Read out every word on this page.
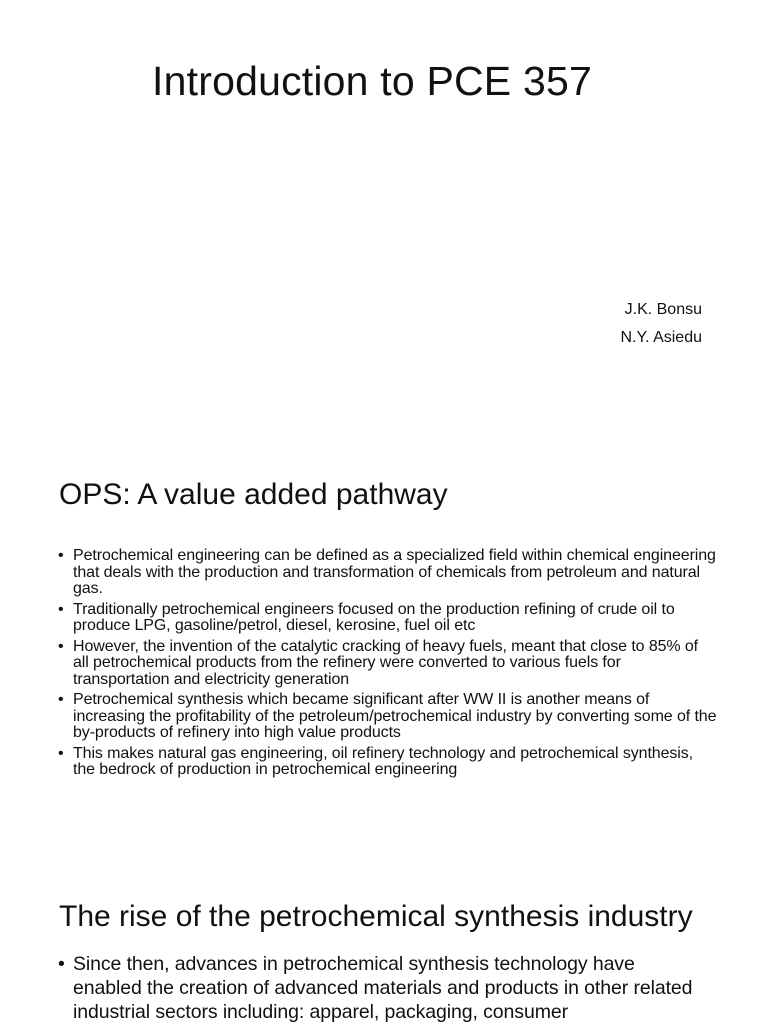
Introduction to PCE 357
J.K. Bonsu
N.Y. Asiedu
OPS: A value added pathway
• Petrochemical engineering can be defined as a specialized field within chemical engineering that deals with the production and transformation of chemicals from petroleum and natural gas.
• Traditionally petrochemical engineers focused on the production refining of crude oil to produce LPG, gasoline/petrol, diesel, kerosine, fuel oil etc
• However, the invention of the catalytic cracking of heavy fuels, meant that close to 85% of all petrochemical products from the refinery were converted to various fuels for transportation and electricity generation
• Petrochemical synthesis which became significant after WW II is another means of increasing the profitability of the petroleum/petrochemical industry by converting some of the by-products of refinery into high value products
• This makes natural gas engineering, oil refinery technology and petrochemical synthesis, the bedrock of production in petrochemical engineering
The rise of the petrochemical synthesis industry
• Since then, advances in petrochemical synthesis technology have enabled the creation of advanced materials and products in other related industrial sectors including: apparel, packaging, consumer
